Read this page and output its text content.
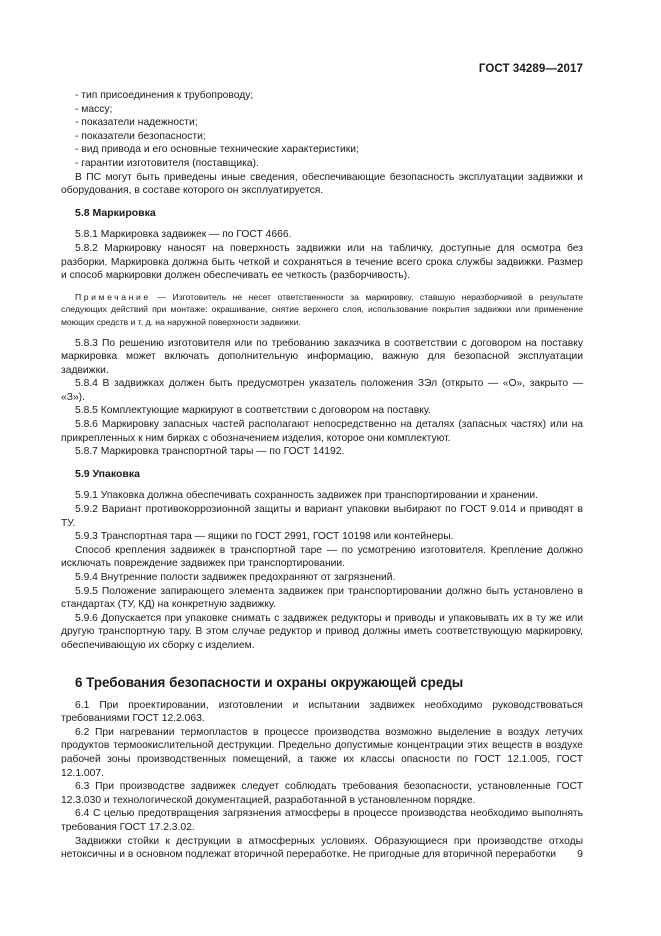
ГОСТ 34289—2017

- тип присоединения к трубопроводу;

- массу;

- показатели надежности;

- показатели безопасности;

- вид привода и его основные технические характеристики;

- гарантии изготовителя (поставщика).

В ПС могут быть приведены иные сведения, обеспечивающие безопасность эксплуатации задвижки и оборудования, в составе которого он эксплуатируется.

5.8 Маркировка

5.8.1 Маркировка задвижек — по ГОСТ 4666.

5.8.2 Маркировку наносят на поверхность задвижки или на табличку, доступные для осмотра без разборки. Маркировка должна быть четкой и сохраняться в течение всего срока службы задвижки. Размер и способ маркировки должен обеспечивать ее четкость (разборчивость).

Примечание — Изготовитель не несет ответственности за маркировку, ставшую неразборчивой в результате следующих действий при монтаже: окрашивание, снятие верхнего слоя, использование покрытия задвижки или применение моющих средств и т. д. на наружной поверхности задвижки.

5.8.3 По решению изготовителя или по требованию заказчика в соответствии с договором на поставку маркировка может включать дополнительную информацию, важную для безопасной эксплуатации задвижки.

5.8.4 В задвижках должен быть предусмотрен указатель положения ЗЭл (открыто — «О», закрыто — «З»).

5.8.5 Комплектующие маркируют в соответствии с договором на поставку.

5.8.6 Маркировку запасных частей располагают непосредственно на деталях (запасных частях) или на прикрепленных к ним бирках с обозначением изделия, которое они комплектуют.

5.8.7 Маркировка транспортной тары — по ГОСТ 14192.

5.9 Упаковка

5.9.1 Упаковка должна обеспечивать сохранность задвижек при транспортировании и хранении.

5.9.2 Вариант противокоррозионной защиты и вариант упаковки выбирают по ГОСТ 9.014 и приводят в ТУ.

5.9.3 Транспортная тара — ящики по ГОСТ 2991, ГОСТ 10198 или контейнеры.

Способ крепления задвижек в транспортной таре — по усмотрению изготовителя. Крепление должно исключать повреждение задвижек при транспортировании.

5.9.4 Внутренние полости задвижек предохраняют от загрязнений.

5.9.5 Положение запирающего элемента задвижек при транспортировании должно быть установлено в стандартах (ТУ, КД) на конкретную задвижку.

5.9.6 Допускается при упаковке снимать с задвижек редукторы и приводы и упаковывать их в ту же или другую транспортную тару. В этом случае редуктор и привод должны иметь соответствующую маркировку, обеспечивающую их сборку с изделием.

6 Требования безопасности и охраны окружающей среды

6.1 При проектировании, изготовлении и испытании задвижек необходимо руководствоваться требованиями ГОСТ 12.2.063.

6.2 При нагревании термопластов в процессе производства возможно выделение в воздух летучих продуктов термоокислительной деструкции. Предельно допустимые концентрации этих веществ в воздухе рабочей зоны производственных помещений, а также их классы опасности по ГОСТ 12.1.005, ГОСТ 12.1.007.

6.3 При производстве задвижек следует соблюдать требования безопасности, установленные ГОСТ 12.3.030 и технологической документацией, разработанной в установленном порядке.

6.4 С целью предотвращения загрязнения атмосферы в процессе производства необходимо выполнять требования ГОСТ 17.2.3.02.

Задвижки стойки к деструкции в атмосферных условиях. Образующиеся при производстве отходы нетоксичны и в основном подлежат вторичной переработке. Не пригодные для вторичной переработки	9
